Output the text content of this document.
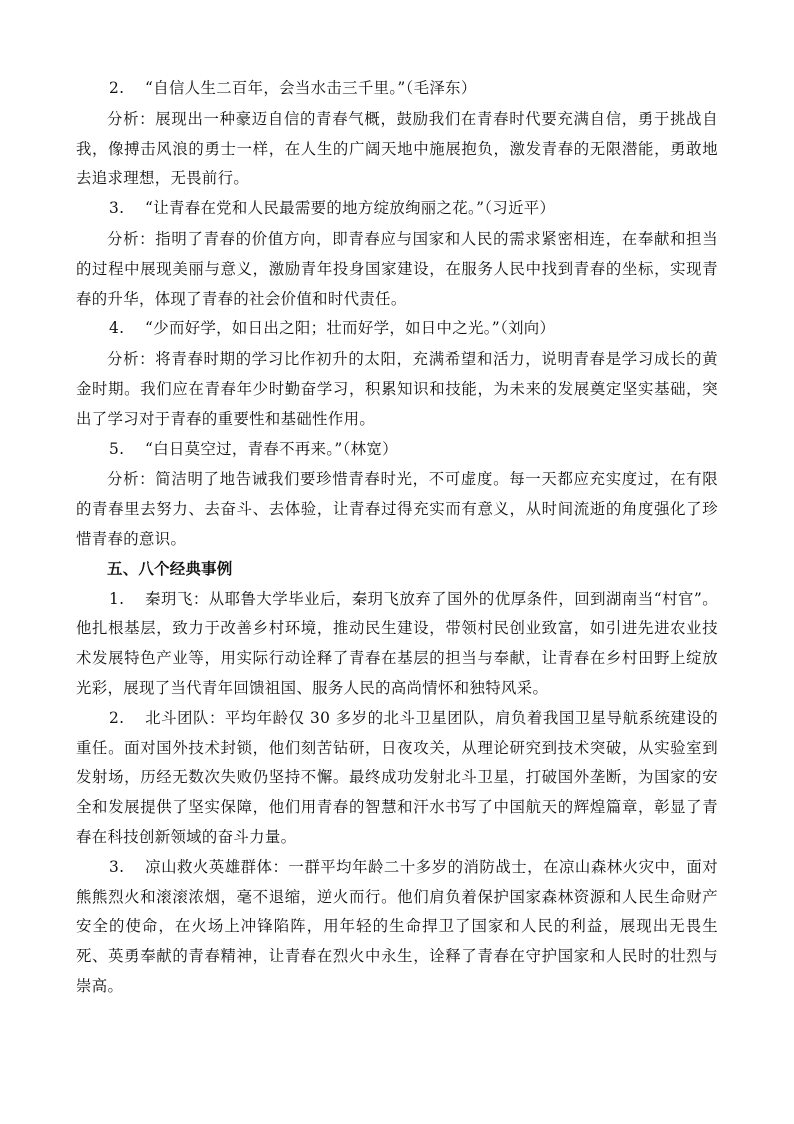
2. “自信人生二百年，会当水击三千里。”（毛泽东）

分析：展现出一种豪迈自信的青春气概，鼓励我们在青春时代要充满自信，勇于挑战自我，像搏击风浪的勇士一样，在人生的广阔天地中施展抱负，激发青春的无限潜能，勇敢地去追求理想，无畏前行。

3. “让青春在党和人民最需要的地方绽放绚丽之花。”（习近平）

分析：指明了青春的价值方向，即青春应与国家和人民的需求紧密相连，在奉献和担当的过程中展现美丽与意义，激励青年投身国家建设，在服务人民中找到青春的坐标，实现青春的升华，体现了青春的社会价值和时代责任。

4. “少而好学，如日出之阳；壮而好学，如日中之光。”（刘向）

分析：将青春时期的学习比作初升的太阳，充满希望和活力，说明青春是学习成长的黄金时期。我们应在青春年少时勤奋学习，积累知识和技能，为未来的发展奠定坚实基础，突出了学习对于青春的重要性和基础性作用。

5. “白日莫空过，青春不再来。”（林宽）

分析：简洁明了地告诫我们要珍惜青春时光，不可虚度。每一天都应充实度过，在有限的青春里去努力、去奋斗、去体验，让青春过得充实而有意义，从时间流逝的角度强化了珍惜青春的意识。

五、八个经典事例

1. 秦玥飞：从耶鲁大学毕业后，秦玥飞放弃了国外的优厚条件，回到湖南当“村官”。他扎根基层，致力于改善乡村环境，推动民生建设，带领村民创业致富，如引进先进农业技术发展特色产业等，用实际行动诠释了青春在基层的担当与奉献，让青春在乡村田野上绽放光彩，展现了当代青年回馈祖国、服务人民的高尚情怀和独特风采。

2. 北斗团队：平均年龄仅 30 多岁的北斗卫星团队，肩负着我国卫星导航系统建设的重任。面对国外技术封锁，他们刻苦钻研，日夜攻关，从理论研究到技术突破，从实验室到发射场，历经无数次失败仍坚持不懈。最终成功发射北斗卫星，打破国外垄断，为国家的安全和发展提供了坚实保障，他们用青春的智慧和汗水书写了中国航天的辉煌篇章，彰显了青春在科技创新领域的奋斗力量。

3. 凉山救火英雄群体：一群平均年龄二十多岁的消防战士，在凉山森林火灾中，面对熊熊烈火和滚滚浓烟，毫不退缩，逆火而行。他们肩负着保护国家森林资源和人民生命财产安全的使命，在火场上冲锋陷阵，用年轻的生命捍卫了国家和人民的利益，展现出无畏生死、英勇奉献的青春精神，让青春在烈火中永生，诠释了青春在守护国家和人民时的壮烈与崇高。
